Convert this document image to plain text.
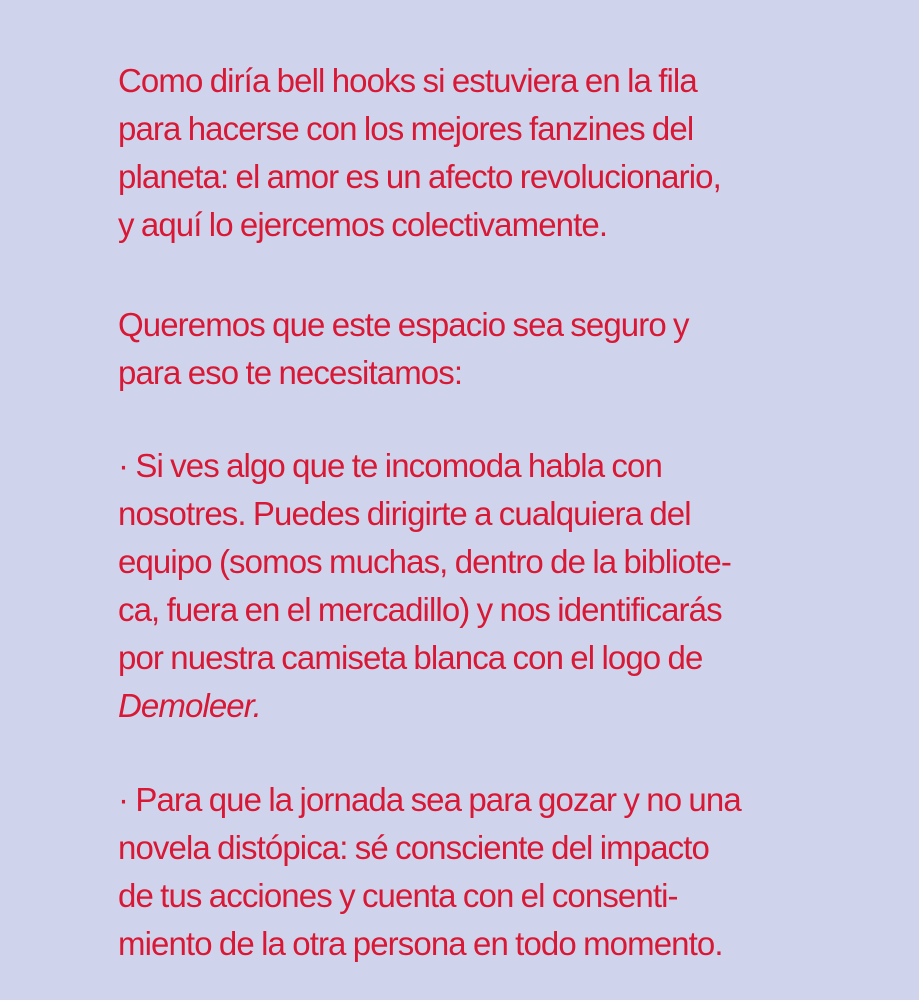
Como diría bell hooks si estuviera en la fila
para hacerse con los mejores fanzines del
planeta: el amor es un afecto revolucionario,
y aquí lo ejercemos colectivamente.
Queremos que este espacio sea seguro y
para eso te necesitamos:
· Si ves algo que te incomoda habla con
nosotres. Puedes dirigirte a cualquiera del
equipo (somos muchas, dentro de la bibliote-
ca, fuera en el mercadillo) y nos identificarás
por nuestra camiseta blanca con el logo de
Demoleer.
· Para que la jornada sea para gozar y no una
novela distópica: sé consciente del impacto
de tus acciones y cuenta con el consenti-
miento de la otra persona en todo momento.
